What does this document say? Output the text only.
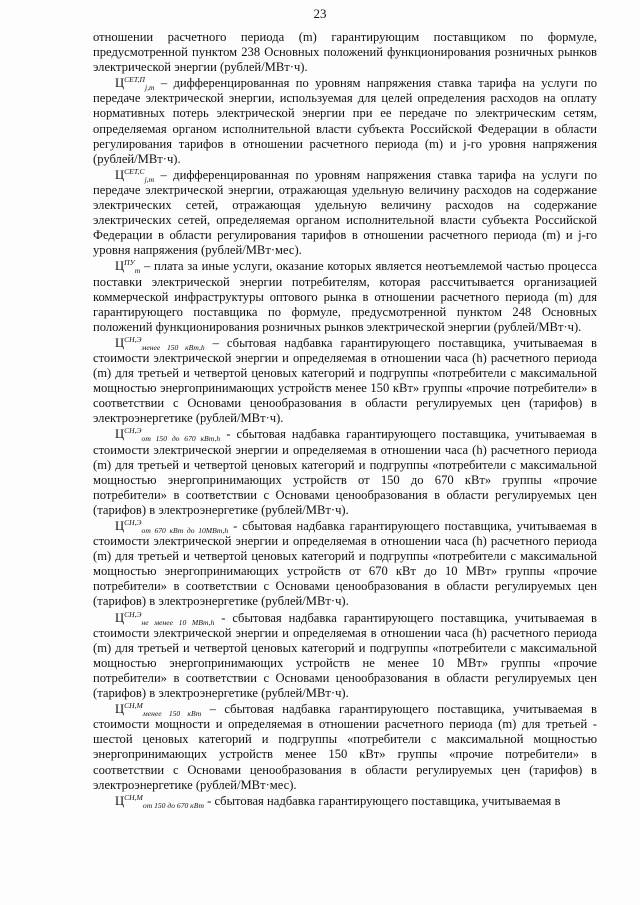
23

отношении расчетного периода (m) гарантирующим поставщиком по формуле, предусмотренной пунктом 238 Основных положений функционирования розничных рынков электрической энергии (рублей/МВт·ч).

$Ц^{СЕТ,П}_{j,m}$ – дифференцированная по уровням напряжения ставка тарифа на услуги по передаче электрической энергии, используемая для целей определения расходов на оплату нормативных потерь электрической энергии при ее передаче по электрическим сетям, определяемая органом исполнительной власти субъекта Российской Федерации в области регулирования тарифов в отношении расчетного периода (m) и j-го уровня напряжения (рублей/МВт·ч).

$Ц^{СЕТ,С}_{j,m}$ – дифференцированная по уровням напряжения ставка тарифа на услуги по передаче электрической энергии, отражающая удельную величину расходов на содержание электрических сетей, отражающая удельную величину расходов на содержание электрических сетей, определяемая органом исполнительной власти субъекта Российской Федерации в области регулирования тарифов в отношении расчетного периода (m) и j-го уровня напряжения (рублей/МВт·мес).

$Ц^{ПУ}_m$ – плата за иные услуги, оказание которых является неотъемлемой частью процесса поставки электрической энергии потребителям, которая рассчитывается организацией коммерческой инфраструктуры оптового рынка в отношении расчетного периода (m) для гарантирующего поставщика по формуле, предусмотренной пунктом 248 Основных положений функционирования розничных рынков электрической энергии (рублей/МВт·ч).

$Ц^{СН,Э}_{менее 150 кВт,h}$ – сбытовая надбавка гарантирующего поставщика, учитываемая в стоимости электрической энергии и определяемая в отношении часа (h) расчетного периода (m) для третьей и четвертой ценовых категорий и подгруппы «потребители с максимальной мощностью энергопринимающих устройств менее 150 кВт» группы «прочие потребители» в соответствии с Основами ценообразования в области регулируемых цен (тарифов) в электроэнергетике (рублей/МВт·ч).

$Ц^{СН,Э}_{от 150 до 670 кВт,h}$ - сбытовая надбавка гарантирующего поставщика, учитываемая в стоимости электрической энергии и определяемая в отношении часа (h) расчетного периода (m) для третьей и четвертой ценовых категорий и подгруппы «потребители с максимальной мощностью энергопринимающих устройств от 150 до 670 кВт» группы «прочие потребители» в соответствии с Основами ценообразования в области регулируемых цен (тарифов) в электроэнергетике (рублей/МВт·ч).

$Ц^{СН,Э}_{от 670 кВт до 10МВт,h}$ - сбытовая надбавка гарантирующего поставщика, учитываемая в стоимости электрической энергии и определяемая в отношении часа (h) расчетного периода (m) для третьей и четвертой ценовых категорий и подгруппы «потребители с максимальной мощностью энергопринимающих устройств от 670 кВт до 10 МВт» группы «прочие потребители» в соответствии с Основами ценообразования в области регулируемых цен (тарифов) в электроэнергетике (рублей/МВт·ч).

$Ц^{СН,Э}_{не менее 10 МВт,h}$ - сбытовая надбавка гарантирующего поставщика, учитываемая в стоимости электрической энергии и определяемая в отношении часа (h) расчетного периода (m) для третьей и четвертой ценовых категорий и подгруппы «потребители с максимальной мощностью энергопринимающих устройств не менее 10 МВт» группы «прочие потребители» в соответствии с Основами ценообразования в области регулируемых цен (тарифов) в электроэнергетике (рублей/МВт·ч).

$Ц^{СН,М}_{менее 150 кВт}$ – сбытовая надбавка гарантирующего поставщика, учитываемая в стоимости мощности и определяемая в отношении расчетного периода (m) для третьей - шестой ценовых категорий и подгруппы «потребители с максимальной мощностью энергопринимающих устройств менее 150 кВт» группы «прочие потребители» в соответствии с Основами ценообразования в области регулируемых цен (тарифов) в электроэнергетике (рублей/МВт·мес).

$Ц^{СН,М}_{от 150 до 670 кВт}$ - сбытовая надбавка гарантирующего поставщика, учитываемая в
